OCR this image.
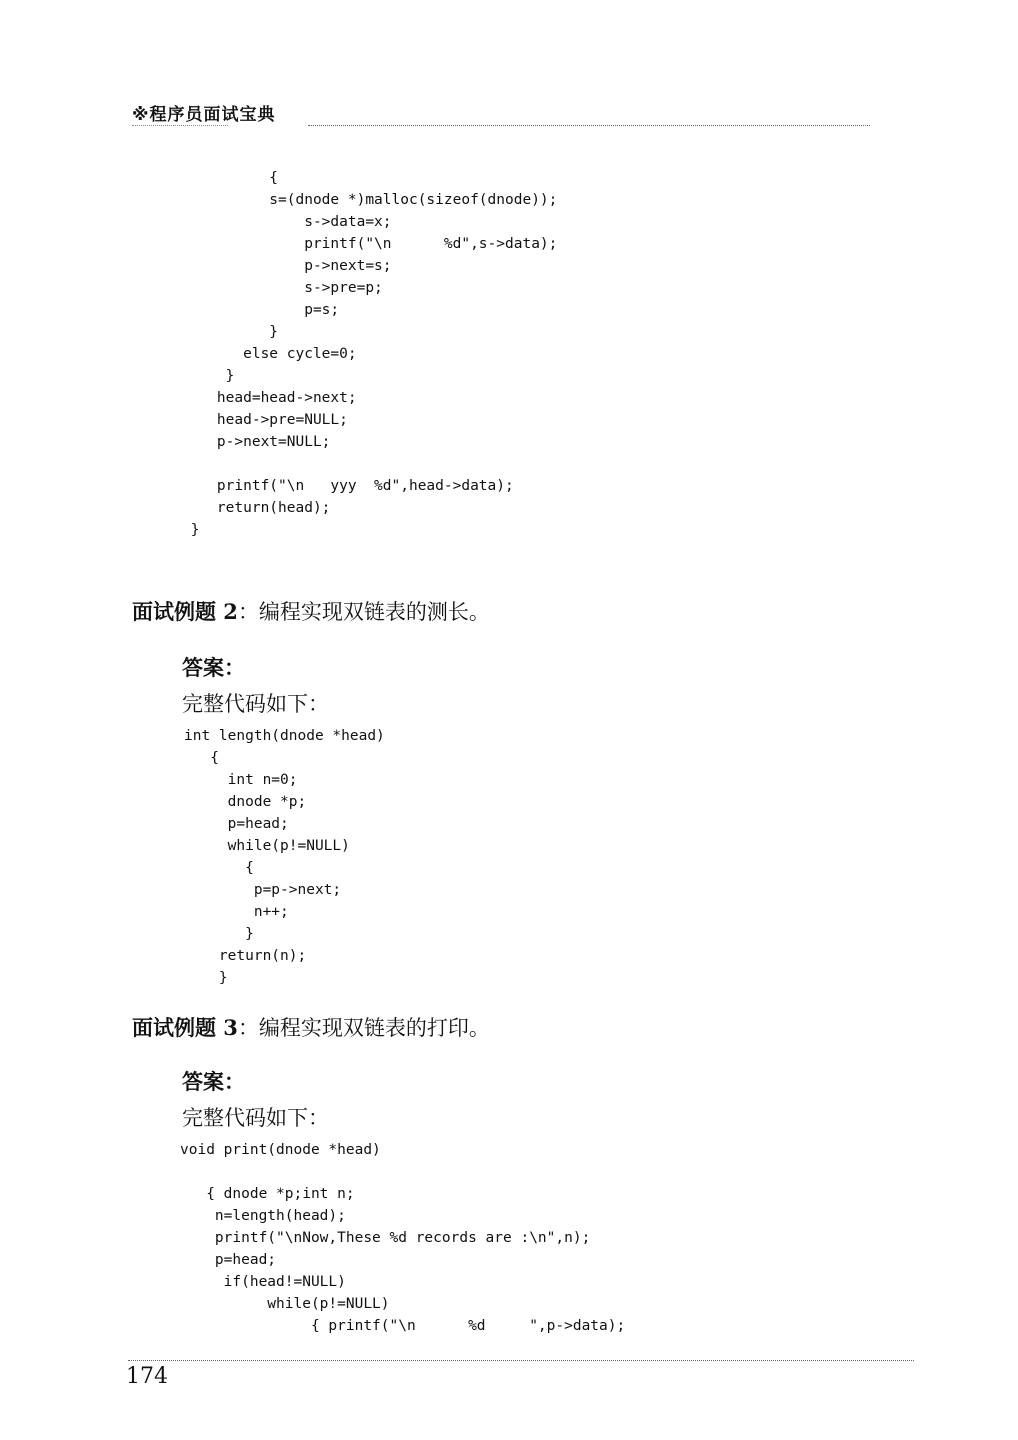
※程序员面试宝典
{
s=(dnode *)malloc(sizeof(dnode));
s->data=x;
printf("\n      %d",s->data);
p->next=s;
s->pre=p;
p=s;
}
else cycle=0;
}
head=head->next;
head->pre=NULL;
p->next=NULL;

printf("\n   yyy  %d",head->data);
return(head);
}
面试例题 2：编程实现双链表的测长。
答案：
完整代码如下：
int length(dnode *head)
{
int n=0;
dnode *p;
p=head;
while(p!=NULL)
{
p=p->next;
n++;
}
return(n);
}
面试例题 3：编程实现双链表的打印。
答案：
完整代码如下：
void print(dnode *head)

{ dnode *p;int n;
n=length(head);
printf("\nNow,These %d records are :\n",n);
p=head;
if(head!=NULL)
while(p!=NULL)
{ printf("\n      %d     ",p->data);
174
